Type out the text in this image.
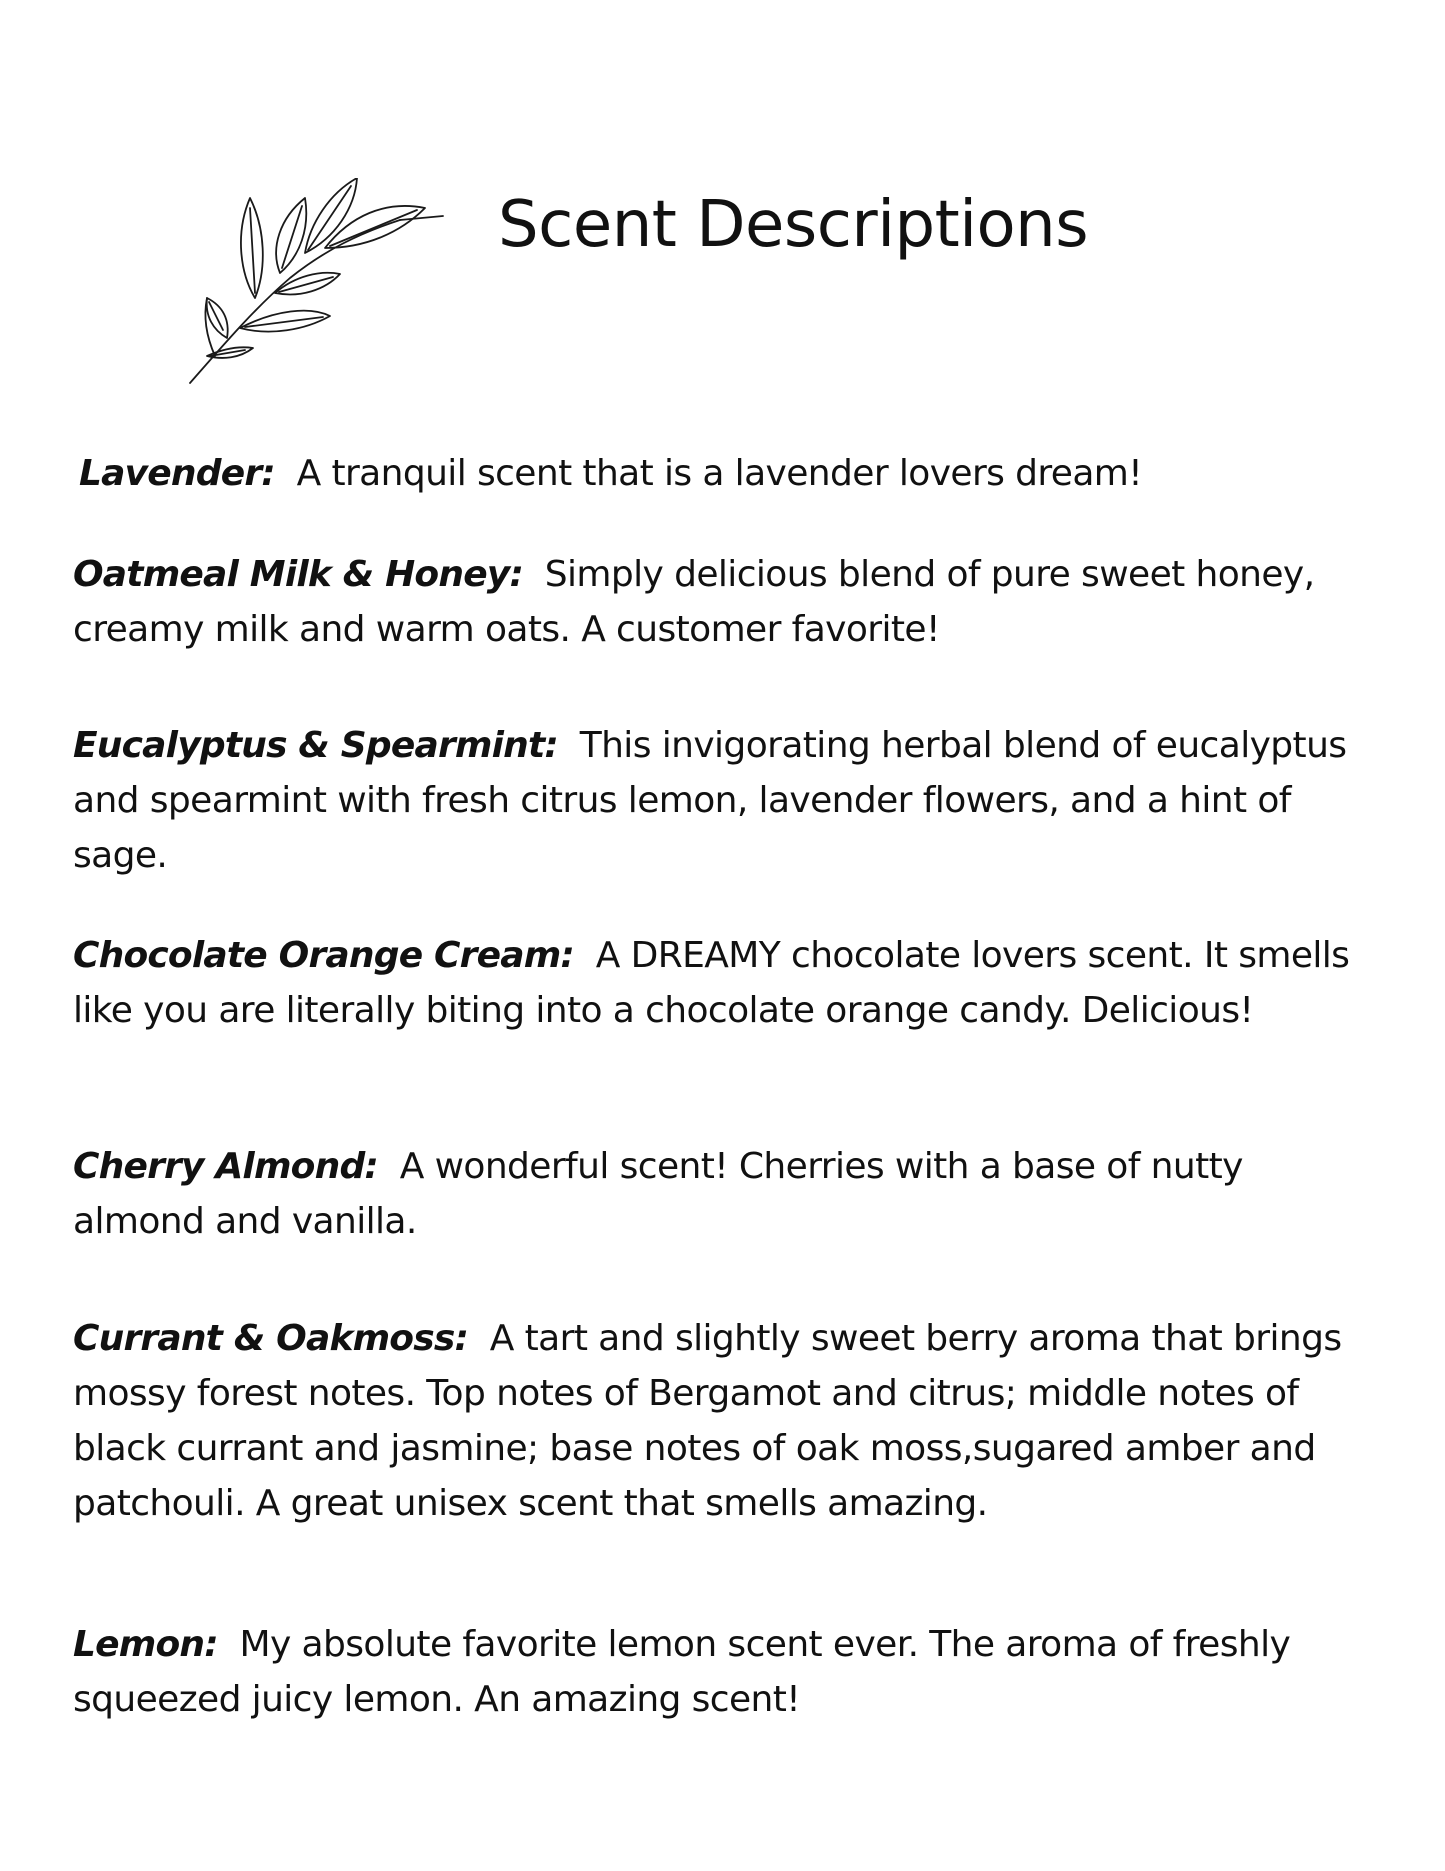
Scent Descriptions

Lavender: A tranquil scent that is a lavender lovers dream!

Oatmeal Milk & Honey: Simply delicious blend of pure sweet honey, creamy milk and warm oats. A customer favorite!

Eucalyptus & Spearmint: This invigorating herbal blend of eucalyptus and spearmint with fresh citrus lemon, lavender flowers, and a hint of sage.

Chocolate Orange Cream: A DREAMY chocolate lovers scent. It smells like you are literally biting into a chocolate orange candy. Delicious!

Cherry Almond: A wonderful scent! Cherries with a base of nutty almond and vanilla.

Currant & Oakmoss: A tart and slightly sweet berry aroma that brings mossy forest notes. Top notes of Bergamot and citrus; middle notes of black currant and jasmine; base notes of oak moss,sugared amber and patchouli. A great unisex scent that smells amazing.

Lemon: My absolute favorite lemon scent ever. The aroma of freshly squeezed juicy lemon. An amazing scent!
